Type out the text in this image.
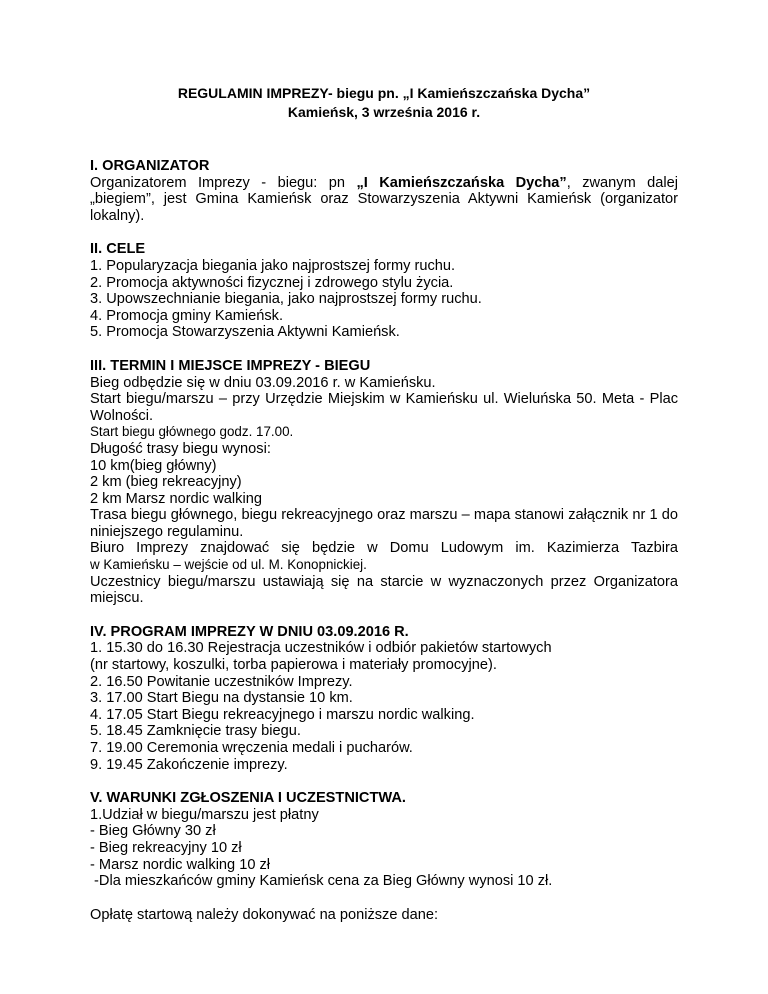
REGULAMIN IMPREZY- biegu pn. „I Kamieńszczańska Dycha”
Kamieńsk, 3 września 2016 r.
I. ORGANIZATOR
Organizatorem Imprezy - biegu: pn „I Kamieńszczańska Dycha”, zwanym dalej „biegiem”, jest Gmina Kamieńsk oraz Stowarzyszenia Aktywni Kamieńsk (organizator lokalny).
II. CELE
1. Popularyzacja biegania jako najprostszej formy ruchu.
2. Promocja aktywności fizycznej i zdrowego stylu życia.
3. Upowszechnianie biegania, jako najprostszej formy ruchu.
4. Promocja gminy Kamieńsk.
5. Promocja Stowarzyszenia Aktywni Kamieńsk.
III. TERMIN I MIEJSCE IMPREZY - BIEGU
Bieg odbędzie się w dniu 03.09.2016 r. w Kamieńsku.
Start biegu/marszu – przy Urzędzie Miejskim w Kamieńsku ul. Wieluńska 50. Meta - Plac Wolności.
Start biegu głównego godz. 17.00.
Długość trasy biegu wynosi:
10 km(bieg główny)
2 km (bieg rekreacyjny)
2 km Marsz nordic walking
Trasa biegu głównego, biegu rekreacyjnego oraz marszu – mapa stanowi załącznik nr 1 do niniejszego regulaminu.
Biuro Imprezy znajdować się będzie w Domu Ludowym im. Kazimierza Tazbira
w Kamieńsku – wejście od ul. M. Konopnickiej.
Uczestnicy biegu/marszu ustawiają się na starcie w wyznaczonych przez Organizatora miejscu.
IV. PROGRAM IMPREZY W DNIU 03.09.2016 R.
1. 15.30 do 16.30 Rejestracja uczestników i odbiór pakietów startowych
(nr startowy, koszulki, torba papierowa i materiały promocyjne).
2. 16.50 Powitanie uczestników Imprezy.
3. 17.00 Start Biegu na dystansie 10 km.
4. 17.05 Start Biegu rekreacyjnego i marszu nordic walking.
5. 18.45 Zamknięcie trasy biegu.
7. 19.00 Ceremonia wręczenia medali i pucharów.
9. 19.45 Zakończenie imprezy.
V. WARUNKI ZGŁOSZENIA I UCZESTNICTWA.
1.Udział w biegu/marszu jest płatny
- Bieg Główny 30 zł
- Bieg rekreacyjny 10 zł
- Marsz nordic walking 10 zł
-Dla mieszkańców gminy Kamieńsk cena za Bieg Główny wynosi 10 zł.
Opłatę startową należy dokonywać na poniższe dane:
